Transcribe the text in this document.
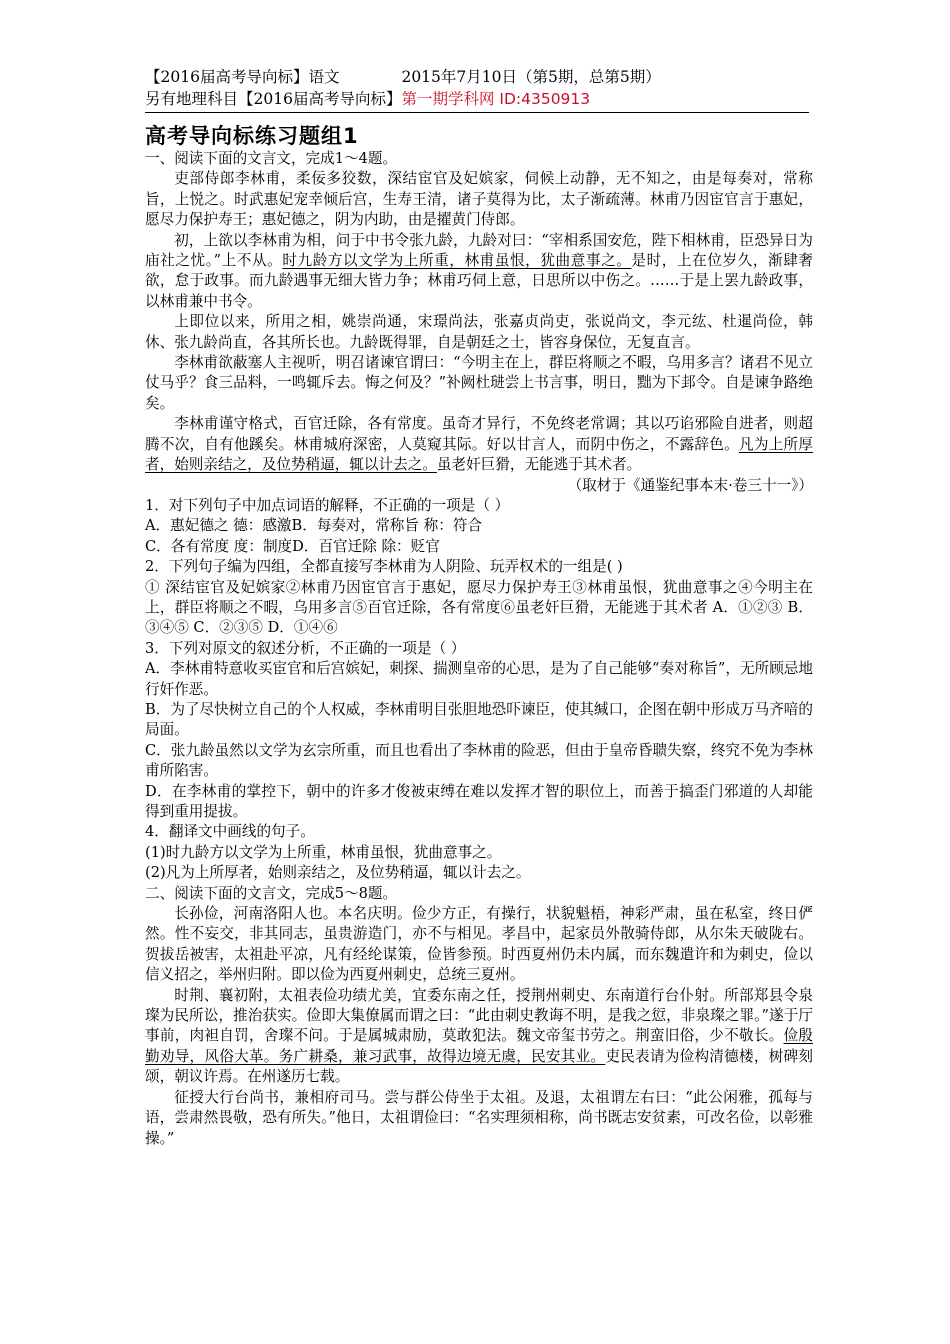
【2016届高考导向标】语文	2015年7月10日（第5期，总第5期）
另有地理科目【2016届高考导向标】第一期学科网 ID:4350913
高考导向标练习题组1

一、阅读下面的文言文，完成1～4题。

吏部侍郎李林甫，柔佞多狡数，深结宦官及妃嫔家，伺候上动静，无不知之，由是每奏对，常称旨，上悦之。时武惠妃宠幸倾后宫，生寿王清，诸子莫得为比，太子渐疏薄。林甫乃因宦官言于惠妃，愿尽力保护寿王；惠妃德之，阴为内助，由是擢黄门侍郎。

初，上欲以李林甫为相，问于中书令张九龄，九龄对曰：“宰相系国安危，陛下相林甫，臣恐异日为庙社之忧。”上不从。时九龄方以文学为上所重，林甫虽恨，犹曲意事之。是时，上在位岁久，渐肆奢欲，怠于政事。而九龄遇事无细大皆力争；林甫巧伺上意，日思所以中伤之。……于是上罢九龄政事，以林甫兼中书令。

上即位以来，所用之相，姚崇尚通，宋璟尚法，张嘉贞尚吏，张说尚文，李元纮、杜暹尚俭，韩休、张九龄尚直，各其所长也。九龄既得罪，自是朝廷之士，皆容身保位，无复直言。

李林甫欲蔽塞人主视听，明召诸谏官谓曰：“今明主在上，群臣将顺之不暇，乌用多言？诸君不见立仗马乎？食三品料，一鸣辄斥去。悔之何及？”补阙杜琎尝上书言事，明日，黜为下邽令。自是谏争路绝矣。

李林甫谨守格式，百官迁除，各有常度。虽奇才异行，不免终老常调；其以巧谄邪险自进者，则超腾不次，自有他蹊矣。林甫城府深密，人莫窥其际。好以甘言人，而阴中伤之，不露辞色。凡为上所厚者，始则亲结之，及位势稍逼，辄以计去之。虽老奸巨猾，无能逃于其术者。

（取材于《通鉴纪事本末·卷三十一》）

1．对下列句子中加点词语的解释，不正确的一项是（ ）

A．惠妃德之 德：感激B．每奏对，常称旨 称：符合

C．各有常度 度：制度D．百官迁除 除：贬官

2．下列句子编为四组，全都直接写李林甫为人阴险、玩弄权术的一组是( )

① 深结宦官及妃嫔家②林甫乃因宦官言于惠妃，愿尽力保护寿王③林甫虽恨，犹曲意事之④今明主在上，群臣将顺之不暇，乌用多言⑤百官迁除，各有常度⑥虽老奸巨猾，无能逃于其术者 A．①②③ B．③④⑤ C．②③⑤ D．①④⑥

3．下列对原文的叙述分析，不正确的一项是（ ）

A．李林甫特意收买宦官和后宫嫔妃，刺探、揣测皇帝的心思，是为了自己能够“奏对称旨”，无所顾忌地行奸作恶。

B．为了尽快树立自己的个人权威，李林甫明目张胆地恐吓谏臣，使其缄口，企图在朝中形成万马齐喑的局面。

C．张九龄虽然以文学为玄宗所重，而且也看出了李林甫的险恶，但由于皇帝昏聩失察，终究不免为李林甫所陷害。

D．在李林甫的掌控下，朝中的许多才俊被束缚在难以发挥才智的职位上，而善于搞歪门邪道的人却能得到重用提拔。

4．翻译文中画线的句子。

(1)时九龄方以文学为上所重，林甫虽恨，犹曲意事之。

(2)凡为上所厚者，始则亲结之，及位势稍逼，辄以计去之。

二、阅读下面的文言文，完成5～8题。

长孙俭，河南洛阳人也。本名庆明。俭少方正，有操行，状貌魁梧，神彩严肃，虽在私室，终日俨然。性不妄交，非其同志，虽贵游造门，亦不与相见。孝昌中，起家员外散骑侍郎，从尔朱天破陇右。贺拔岳被害，太祖赴平凉，凡有经纶谋策，俭皆参预。时西夏州仍未内属，而东魏遣许和为刺史，俭以信义招之，举州归附。即以俭为西夏州刺史，总统三夏州。

时荆、襄初附，太祖表俭功绩尤美，宜委东南之任，授荆州刺史、东南道行台仆射。所部郑县令泉璨为民所讼，推治获实。俭即大集僚属而谓之曰：“此由刺史教诲不明，是我之愆，非泉璨之罪。”遂于厅事前，肉袒自罚，舍璨不问。于是属城肃励，莫敢犯法。魏文帝玺书劳之。荆蛮旧俗，少不敬长。俭殷勤劝导，风俗大革。务广耕桑，兼习武事，故得边境无虞，民安其业。吏民表请为俭构清德楼，树碑刻颂，朝议许焉。在州遂历七载。

征授大行台尚书，兼相府司马。尝与群公侍坐于太祖。及退，太祖谓左右曰：“此公闲雅，孤每与语，尝肃然畏敬，恐有所失。”他日，太祖谓俭曰：“名实理须相称，尚书既志安贫素，可改名俭，以彰雅操。”
